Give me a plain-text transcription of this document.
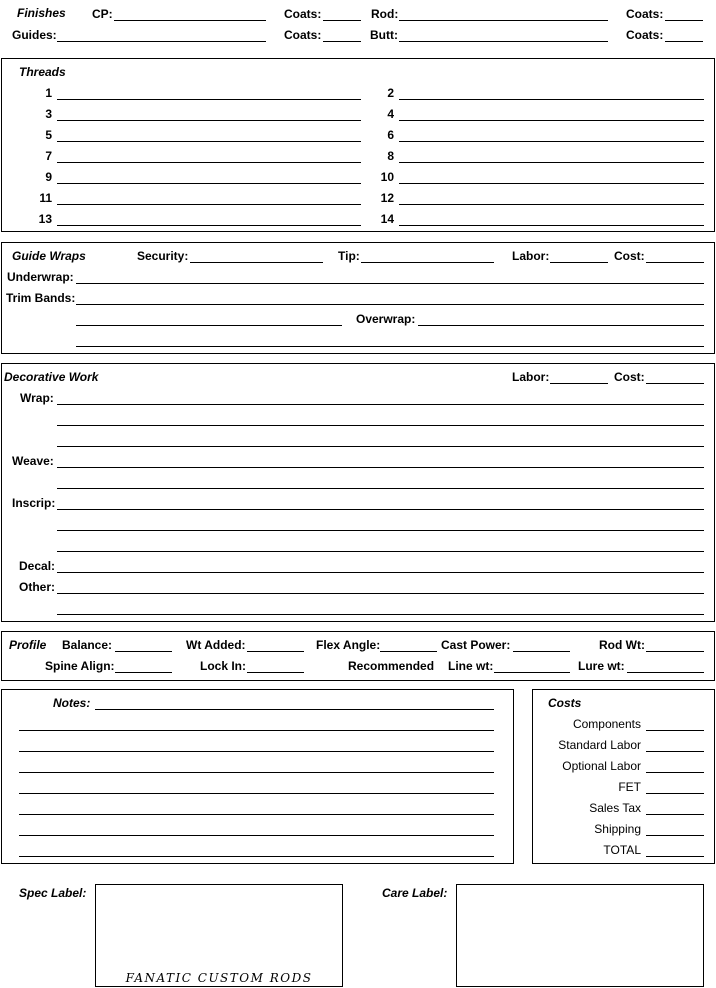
Finishes CP:	Coats:	Rod:	Coats:
Guides:	Coats:	Butt:	Coats:
Threads
1	2
3	4
5	6
7	8
9	10
11	12
13	14
Guide Wraps	Security:	Tip:	Labor:	Cost:
Underwrap:
Trim Bands:
Overwrap:
Decorative Work	Labor:	Cost:
Wrap:
Weave:
Inscrip:
Decal:
Other:
Profile Balance:	Wt Added:	Flex Angle:	Cast Power:	Rod Wt:
Spine Align:	Lock In:	Recommended Line wt:	Lure wt:
Notes:	Costs
Components
Standard Labor
Optional Labor
FET
Sales Tax
Shipping
TOTAL
Spec Label:
FANATIC CUSTOM RODS
Care Label:
